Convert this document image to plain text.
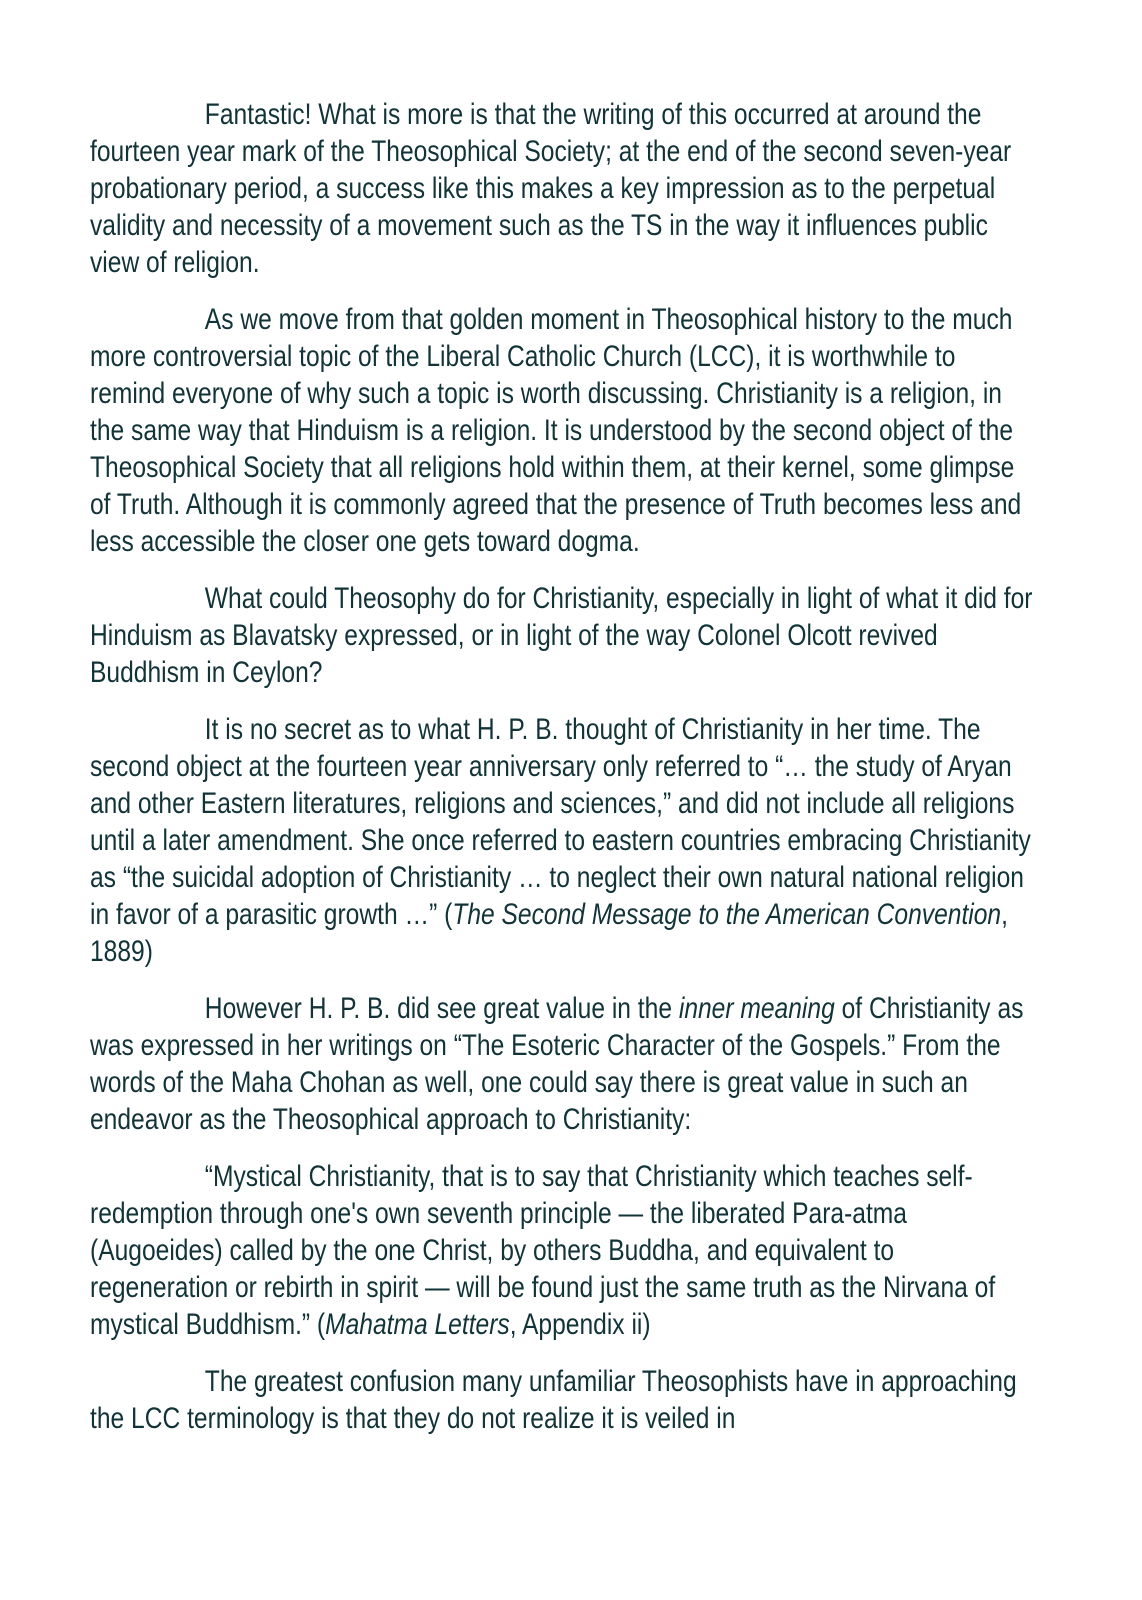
Fantastic! What is more is that the writing of this occurred at around the fourteen year mark of the Theosophical Society; at the end of the second seven-year probationary period, a success like this makes a key impression as to the perpetual validity and necessity of a movement such as the TS in the way it influences public view of religion.

As we move from that golden moment in Theosophical history to the much more controversial topic of the Liberal Catholic Church (LCC), it is worthwhile to remind everyone of why such a topic is worth discussing. Christianity is a religion, in the same way that Hinduism is a religion. It is understood by the second object of the Theosophical Society that all religions hold within them, at their kernel, some glimpse of Truth. Although it is commonly agreed that the presence of Truth becomes less and less accessible the closer one gets toward dogma.

What could Theosophy do for Christianity, especially in light of what it did for Hinduism as Blavatsky expressed, or in light of the way Colonel Olcott revived Buddhism in Ceylon?

It is no secret as to what H. P. B. thought of Christianity in her time. The second object at the fourteen year anniversary only referred to “… the study of Aryan and other Eastern literatures, religions and sciences,” and did not include all religions until a later amendment. She once referred to eastern countries embracing Christianity as “the suicidal adoption of Christianity … to neglect their own natural national religion in favor of a parasitic growth …” (The Second Message to the American Convention, 1889)

However H. P. B. did see great value in the inner meaning of Christianity as was expressed in her writings on “The Esoteric Character of the Gospels.” From the words of the Maha Chohan as well, one could say there is great value in such an endeavor as the Theosophical approach to Christianity:

“Mystical Christianity, that is to say that Christianity which teaches self-redemption through one's own seventh principle — the liberated Para-atma (Augoeides) called by the one Christ, by others Buddha, and equivalent to regeneration or rebirth in spirit — will be found just the same truth as the Nirvana of mystical Buddhism.” (Mahatma Letters, Appendix ii)

The greatest confusion many unfamiliar Theosophists have in approaching the LCC terminology is that they do not realize it is veiled in
